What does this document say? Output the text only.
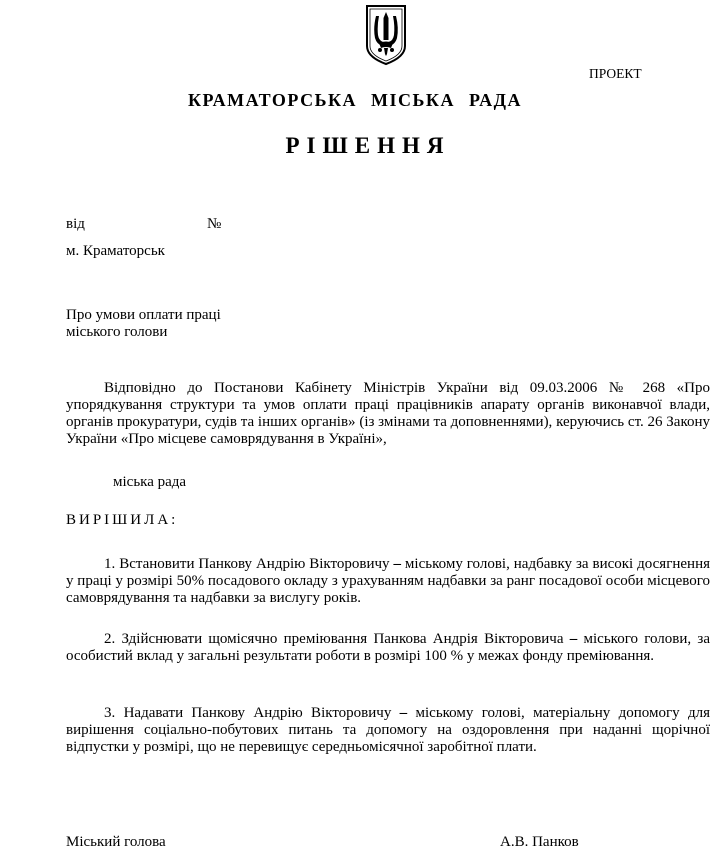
ПРОЕКТ
КРАМАТОРСЬКА МІСЬКА РАДА
РІШЕННЯ
від	№
м. Краматорськ
Про умови оплати праці
міського голови

Відповідно до Постанови Кабінету Міністрів України від 09.03.2006 № 268 «Про упорядкування структури та умов оплати праці працівників апарату органів виконавчої влади, органів прокуратури, судів та інших органів» (із змінами та доповненнями), керуючись ст. 26 Закону України «Про місцеве самоврядування в Україні»,

міська рада
ВИРІШИЛА:

1. Встановити Панкову Андрію Вікторовичу – міському голові, надбавку за високі досягнення у праці у розмірі 50% посадового окладу з урахуванням надбавки за ранг посадової особи місцевого самоврядування та надбавки за вислугу років.

2. Здійснювати щомісячно преміювання Панкова Андрія Вікторовича – міського голови, за особистий вклад у загальні результати роботи в розмірі 100 % у межах фонду преміювання.

3. Надавати Панкову Андрію Вікторовичу – міському голові, матеріальну допомогу для вирішення соціально-побутових питань та допомогу на оздоровлення при наданні щорічної відпустки у розмірі, що не перевищує середньомісячної заробітної плати.

Міський голова	А.В. Панков
